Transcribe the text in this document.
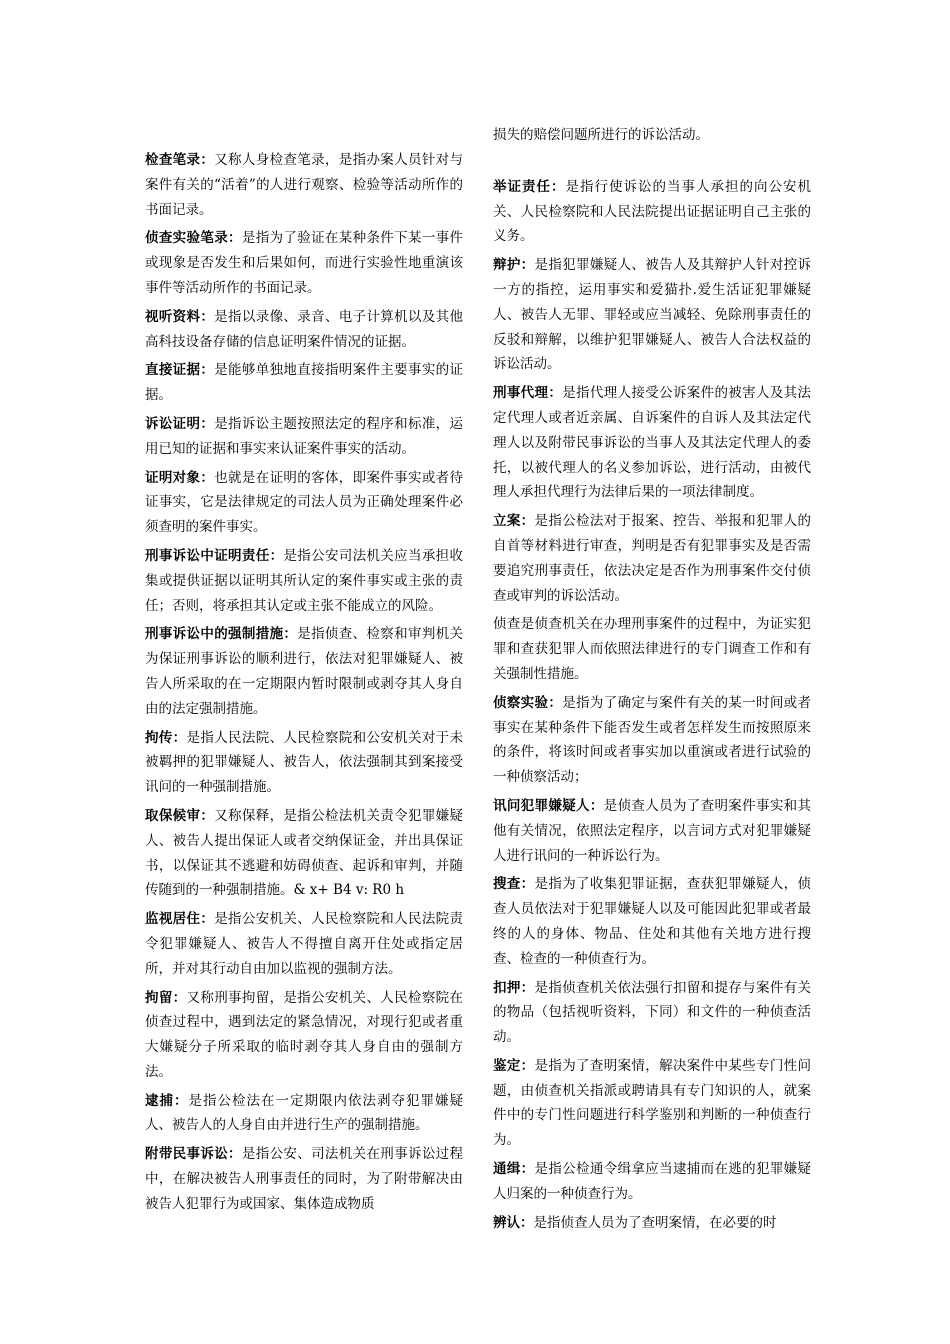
检查笔录：又称人身检查笔录，是指办案人员针对与案件有关的“活着”的人进行观察、检验等活动所作的书面记录。

侦查实验笔录：是指为了验证在某种条件下某一事件或现象是否发生和后果如何，而进行实验性地重演该事件等活动所作的书面记录。

视听资料：是指以录像、录音、电子计算机以及其他高科技设备存储的信息证明案件情况的证据。

直接证据：是能够单独地直接指明案件主要事实的证据。

诉讼证明：是指诉讼主题按照法定的程序和标准，运用已知的证据和事实来认证案件事实的活动。

证明对象：也就是在证明的客体，即案件事实或者待证事实，它是法律规定的司法人员为正确处理案件必须查明的案件事实。

刑事诉讼中证明责任：是指公安司法机关应当承担收集或提供证据以证明其所认定的案件事实或主张的责任；否则，将承担其认定或主张不能成立的风险。

刑事诉讼中的强制措施：是指侦查、检察和审判机关为保证刑事诉讼的顺利进行，依法对犯罪嫌疑人、被告人所采取的在一定期限内暂时限制或剥夺其人身自由的法定强制措施。

拘传：是指人民法院、人民检察院和公安机关对于未被羁押的犯罪嫌疑人、被告人，依法强制其到案接受讯问的一种强制措施。

取保候审：又称保释，是指公检法机关责令犯罪嫌疑人、被告人提出保证人或者交纳保证金，并出具保证书，以保证其不逃避和妨碍侦查、起诉和审判，并随传随到的一种强制措施。& x+ B4 v: R0 h

监视居住：是指公安机关、人民检察院和人民法院责令犯罪嫌疑人、被告人不得擅自离开住处或指定居所，并对其行动自由加以监视的强制方法。

拘留：又称刑事拘留，是指公安机关、人民检察院在侦查过程中，遇到法定的紧急情况，对现行犯或者重大嫌疑分子所采取的临时剥夺其人身自由的强制方法。

逮捕：是指公检法在一定期限内依法剥夺犯罪嫌疑人、被告人的人身自由并进行生产的强制措施。

附带民事诉讼：是指公安、司法机关在刑事诉讼过程中，在解决被告人刑事责任的同时，为了附带解决由被告人犯罪行为或国家、集体造成物质

损失的赔偿问题所进行的诉讼活动。

举证责任：是指行使诉讼的当事人承担的向公安机关、人民检察院和人民法院提出证据证明自己主张的义务。

辩护：是指犯罪嫌疑人、被告人及其辩护人针对控诉一方的指控，运用事实和爱猫扑.爱生活证犯罪嫌疑人、被告人无罪、罪轻或应当减轻、免除刑事责任的反驳和辩解，以维护犯罪嫌疑人、被告人合法权益的诉讼活动。

刑事代理：是指代理人接受公诉案件的被害人及其法定代理人或者近亲属、自诉案件的自诉人及其法定代理人以及附带民事诉讼的当事人及其法定代理人的委托，以被代理人的名义参加诉讼，进行活动，由被代理人承担代理行为法律后果的一项法律制度。

立案：是指公检法对于报案、控告、举报和犯罪人的自首等材料进行审查，判明是否有犯罪事实及是否需要追究刑事责任，依法决定是否作为刑事案件交付侦查或审判的诉讼活动。

侦查是侦查机关在办理刑事案件的过程中，为证实犯罪和查获犯罪人而依照法律进行的专门调查工作和有关强制性措施。

侦察实验：是指为了确定与案件有关的某一时间或者事实在某种条件下能否发生或者怎样发生而按照原来的条件，将该时间或者事实加以重演或者进行试验的一种侦察活动；

讯问犯罪嫌疑人：是侦查人员为了查明案件事实和其他有关情况，依照法定程序，以言词方式对犯罪嫌疑人进行讯问的一种诉讼行为。

搜查：是指为了收集犯罪证据，查获犯罪嫌疑人，侦查人员依法对于犯罪嫌疑人以及可能因此犯罪或者最终的人的身体、物品、住处和其他有关地方进行搜查、检查的一种侦查行为。

扣押：是指侦查机关依法强行扣留和提存与案件有关的物品（包括视听资料，下同）和文件的一种侦查活动。

鉴定：是指为了查明案情，解决案件中某些专门性问题，由侦查机关指派或聘请具有专门知识的人，就案件中的专门性问题进行科学鉴别和判断的一种侦查行为。

通缉：是指公检通令缉拿应当逮捕而在逃的犯罪嫌疑人归案的一种侦查行为。

辨认：是指侦查人员为了查明案情，在必要的时
